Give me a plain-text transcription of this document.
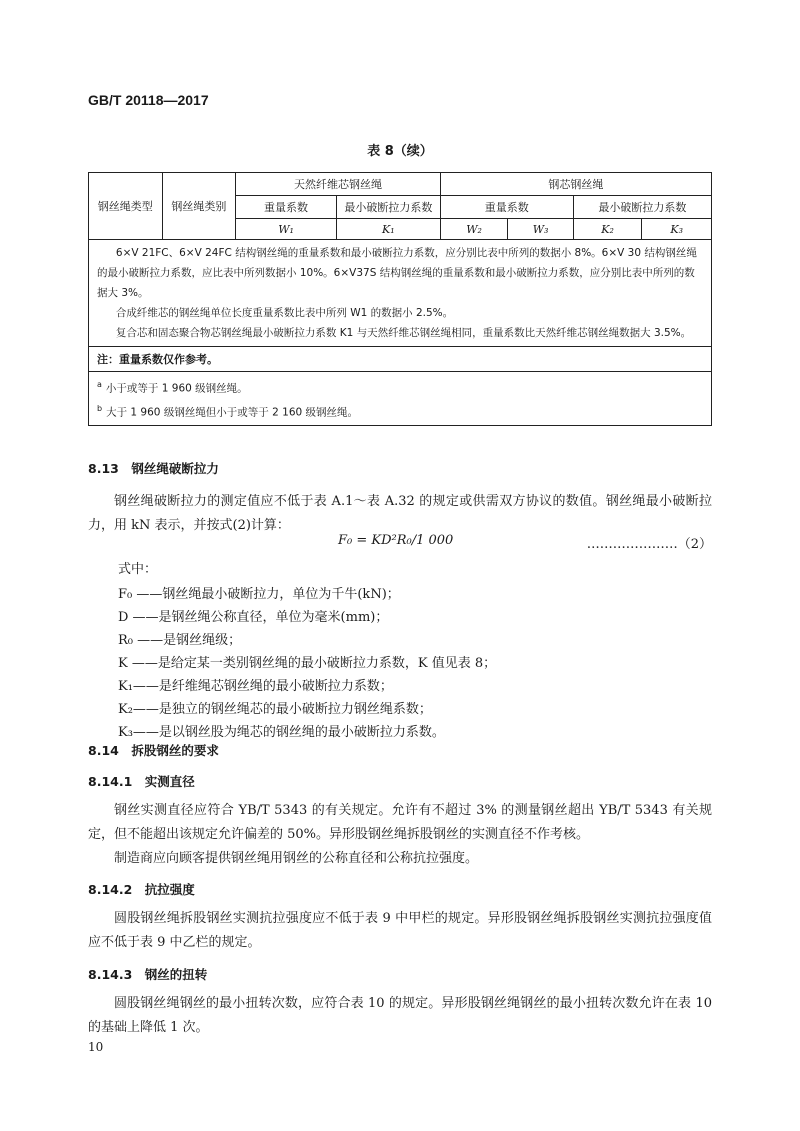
GB/T 20118—2017
表 8（续）
钢丝绳类型	钢丝绳类别	天然纤维芯钢丝绳		钢芯钢丝绳			
		重量系数	最小破断拉力系数	重量系数		最小破断拉力系数	
		W₁	K₁	W₂	W₃	K₂	K₃

6×V 21FC、6×V 24FC 结构钢丝绳的重量系数和最小破断拉力系数，应分别比表中所列的数据小 8%。6×V 30 结构钢丝绳的最小破断拉力系数，应比表中所列数据小 10%。6×V37S 结构钢丝绳的重量系数和最小破断拉力系数，应分别比表中所列的数据大 3%。

合成纤维芯的钢丝绳单位长度重量系数比表中所列 W1 的数据小 2.5%。

复合芯和固态聚合物芯钢丝绳最小破断拉力系数 K1 与天然纤维芯钢丝绳相同，重量系数比天然纤维芯钢丝绳数据大 3.5%。							

注：重量系数仅作参考。							

$^a$ 小于或等于 1 960 级钢丝绳。
$^b$ 大于 1 960 级钢丝绳但小于或等于 2 160 级钢丝绳。							
8.13　钢丝绳破断拉力

钢丝绳破断拉力的测定值应不低于表 A.1～表 A.32 的规定或供需双方协议的数值。钢丝绳最小破断拉力，用 kN 表示，并按式(2)计算：

F₀ = KD²R₀/1 000	…………………（2）
式中：
F₀ ——钢丝绳最小破断拉力，单位为千牛(kN)；
D ——是钢丝绳公称直径，单位为毫米(mm)；
R₀ ——是钢丝绳级；
K ——是给定某一类别钢丝绳的最小破断拉力系数，K 值见表 8；
K₁——是纤维绳芯钢丝绳的最小破断拉力系数；
K₂——是独立的钢丝绳芯的最小破断拉力钢丝绳系数；
K₃——是以钢丝股为绳芯的钢丝绳的最小破断拉力系数。
8.14　拆股钢丝的要求
8.14.1　实测直径

钢丝实测直径应符合 YB/T 5343 的有关规定。允许有不超过 3% 的测量钢丝超出 YB/T 5343 有关规定，但不能超出该规定允许偏差的 50%。异形股钢丝绳拆股钢丝的实测直径不作考核。

制造商应向顾客提供钢丝绳用钢丝的公称直径和公称抗拉强度。

8.14.2　抗拉强度

圆股钢丝绳拆股钢丝实测抗拉强度应不低于表 9 中甲栏的规定。异形股钢丝绳拆股钢丝实测抗拉强度值应不低于表 9 中乙栏的规定。

8.14.3　钢丝的扭转

圆股钢丝绳钢丝的最小扭转次数，应符合表 10 的规定。异形股钢丝绳钢丝的最小扭转次数允许在表 10 的基础上降低 1 次。

10
